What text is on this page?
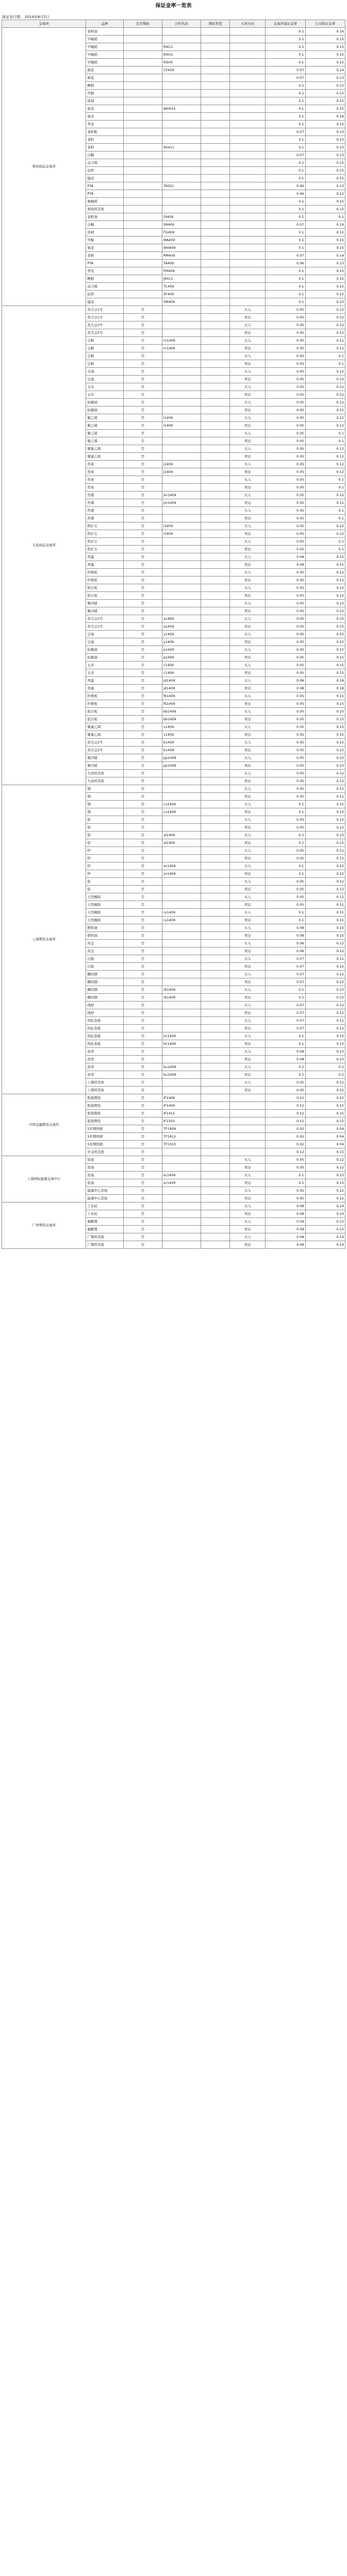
保证金率一览表
保证金日期： 2014年8月5日
交易所	品种	是否期权	合约代码	期权类型	买卖方向	交易所保证金率	公司保证金率
郑州商品交易所	菜籽油					0.1	0.16
	早籼稻					0.1	0.15
	早籼稻		RI411			0.1	0.15
	早籼稻		RI501			0.1	0.15
	早籼稻		RI505			0.1	0.15
	棉花		CF409			0.07	0.14
	棉花					0.07	0.13
	粳稻					0.1	0.15
	甲醇					0.1	0.15
	玻璃					0.1	0.15
	强麦		WH501			0.1	0.15
	强麦					0.1	0.16
	普麦					0.1	0.15
	菜籽粕					0.07	0.13
	菜籽					0.1	0.15
	菜籽		RS411			0.1	0.15
	白糖					0.07	0.13
	动力煤					0.1	0.15
	硅铁					0.1	0.15
	锰硅					0.1	0.15
	PTA		TA501			0.06	0.13
	PTA					0.06	0.12
	晚籼稻					0.1	0.15
	郑商所其他					0.1	0.15
	菜籽油		OI409			0.1	0.2
	白糖		SR409			0.07	0.14
	玻璃		FG409			0.1	0.15
	甲醇		MA409			0.1	0.15
	强麦		WH409			0.1	0.15
	菜粕		RM409			0.07	0.14
	PTA		TA409			0.06	0.13
	普麦		PM409			0.1	0.15
	粳稻		JR411			0.1	0.15
	动力煤		TC409			0.1	0.15
	硅铁		SF409			0.1	0.15
	锰硅		SM409			0.1	0.15
大连商品交易所	黄大豆1号	否			买入	0.05	0.12
	黄大豆1号	否			卖出	0.05	0.12
	黄大豆2号	否			买入	0.05	0.12
	黄大豆2号	否			卖出	0.05	0.12
	豆粕	否	m1409		买入	0.05	0.12
	豆粕	否	m1409		卖出	0.05	0.12
	豆粕	否			买入	0.05	0.1
	豆粕	否			卖出	0.05	0.1
	豆油	否			买入	0.05	0.12
	豆油	否			卖出	0.05	0.12
	玉米	否			买入	0.05	0.12
	玉米	否			卖出	0.05	0.12
	棕榈油	否			买入	0.05	0.12
	棕榈油	否			卖出	0.05	0.12
	聚乙烯	否	l1409		买入	0.05	0.12
	聚乙烯	否	l1409		卖出	0.05	0.12
	聚乙烯	否			买入	0.05	0.1
	聚乙烯	否			卖出	0.05	0.1
	聚氯乙烯	否			买入	0.05	0.12
	聚氯乙烯	否			卖出	0.05	0.12
	焦炭	否	j1409		买入	0.05	0.12
	焦炭	否	j1409		卖出	0.05	0.12
	焦炭	否			买入	0.05	0.1
	焦炭	否			卖出	0.05	0.1
	焦煤	否	jm1409		买入	0.05	0.12
	焦煤	否	jm1409		卖出	0.05	0.12
	焦煤	否			买入	0.05	0.1
	焦煤	否			卖出	0.05	0.1
	铁矿石	否	i1409		买入	0.05	0.12
	铁矿石	否	i1409		卖出	0.05	0.12
	铁矿石	否			买入	0.05	0.1
	铁矿石	否			卖出	0.05	0.1
	鸡蛋	否			买入	0.08	0.15
	鸡蛋	否			卖出	0.08	0.15
	纤维板	否			买入	0.05	0.12
	纤维板	否			卖出	0.05	0.12
	胶合板	否			买入	0.05	0.12
	胶合板	否			卖出	0.05	0.12
	聚丙烯	否			买入	0.05	0.12
	聚丙烯	否			卖出	0.05	0.12
	黄大豆1号	否	a1409		买入	0.05	0.15
	黄大豆1号	否	a1409		卖出	0.05	0.15
	豆油	否	y1409		买入	0.05	0.15
	豆油	否	y1409		卖出	0.05	0.15
	棕榈油	否	p1409		买入	0.05	0.15
	棕榈油	否	p1409		卖出	0.05	0.15
	玉米	否	c1409		买入	0.05	0.15
	玉米	否	c1409		卖出	0.05	0.15
	鸡蛋	否	jd1409		买入	0.08	0.18
	鸡蛋	否	jd1409		卖出	0.08	0.18
	纤维板	否	fb1409		买入	0.05	0.15
	纤维板	否	fb1409		卖出	0.05	0.15
	胶合板	否	bb1409		买入	0.05	0.15
	胶合板	否	bb1409		卖出	0.05	0.15
	聚氯乙烯	否	v1409		买入	0.05	0.15
	聚氯乙烯	否	v1409		卖出	0.05	0.15
	黄大豆2号	否	b1409		买入	0.05	0.15
	黄大豆2号	否	b1409		卖出	0.05	0.15
	聚丙烯	否	pp1409		买入	0.05	0.15
	聚丙烯	否	pp1409		卖出	0.05	0.15
	大商所其他	否			买入	0.05	0.12
	大商所其他	否			卖出	0.05	0.12
上海期货交易所	铜	否			买入	0.05	0.12
	铜	否			卖出	0.05	0.12
	铜	否	cu1409		买入	0.1	0.15
	铜	否	cu1409		卖出	0.1	0.15
	铝	否			买入	0.05	0.12
	铝	否			卖出	0.05	0.12
	铝	否	al1409		买入	0.1	0.15
	铝	否	al1409		卖出	0.1	0.15
	锌	否			买入	0.05	0.12
	锌	否			卖出	0.05	0.12
	锌	否	zn1409		买入	0.1	0.15
	锌	否	zn1409		卖出	0.1	0.15
	铅	否			买入	0.05	0.12
	铅	否			卖出	0.05	0.12
	天然橡胶	否			买入	0.05	0.12
	天然橡胶	否			卖出	0.05	0.12
	天然橡胶	否	ru1409		买入	0.1	0.15
	天然橡胶	否	ru1409		卖出	0.1	0.15
	燃料油	否			买入	0.08	0.15
	燃料油	否			卖出	0.08	0.15
	黄金	否			买入	0.06	0.12
	黄金	否			卖出	0.06	0.12
	白银	否			买入	0.07	0.12
	白银	否			卖出	0.07	0.12
	螺纹钢	否			买入	0.07	0.12
	螺纹钢	否			卖出	0.07	0.12
	螺纹钢	否	rb1409		买入	0.1	0.15
	螺纹钢	否	rb1409		卖出	0.1	0.15
	线材	否			买入	0.07	0.12
	线材	否			卖出	0.07	0.12
	热轧卷板	否			买入	0.07	0.12
	热轧卷板	否			卖出	0.07	0.12
	热轧卷板	否	hc1409		买入	0.1	0.15
	热轧卷板	否	hc1409		卖出	0.1	0.15
	沥青	否			买入	0.08	0.15
	沥青	否			卖出	0.08	0.15
	沥青	否	bu1409		买入	0.1	0.2
	沥青	否	bu1409		卖出	0.1	0.2
	上期所其他	否			买入	0.05	0.12
	上期所其他	否			卖出	0.05	0.12
中国金融期货交易所	股指期货	否	IF1408			0.12	0.15
	股指期货	否	IF1409			0.12	0.15
	股指期货	否	IF1412			0.12	0.15
	股指期货	否	IF1503			0.12	0.15
	5年期国债	否	TF1409			0.02	0.04
	5年期国债	否	TF1412			0.02	0.04
	5年期国债	否	TF1503			0.02	0.04
	中金所其他	否				0.12	0.15
上海国际能源交易中心	原油	否			买入	0.05	0.12
	原油	否			卖出	0.05	0.12
	原油	否	sc1409		买入	0.1	0.15
	原油	否	sc1409		卖出	0.1	0.15
	能源中心其他	否			买入	0.05	0.12
	能源中心其他	否			卖出	0.05	0.12
广州期货交易所	工业硅	否			买入	0.08	0.14
	工业硅	否			卖出	0.08	0.14
	碳酸锂	否			买入	0.09	0.15
	碳酸锂	否			卖出	0.09	0.15
	广期所其他	否			买入	0.08	0.14
	广期所其他	否			卖出	0.08	0.14
